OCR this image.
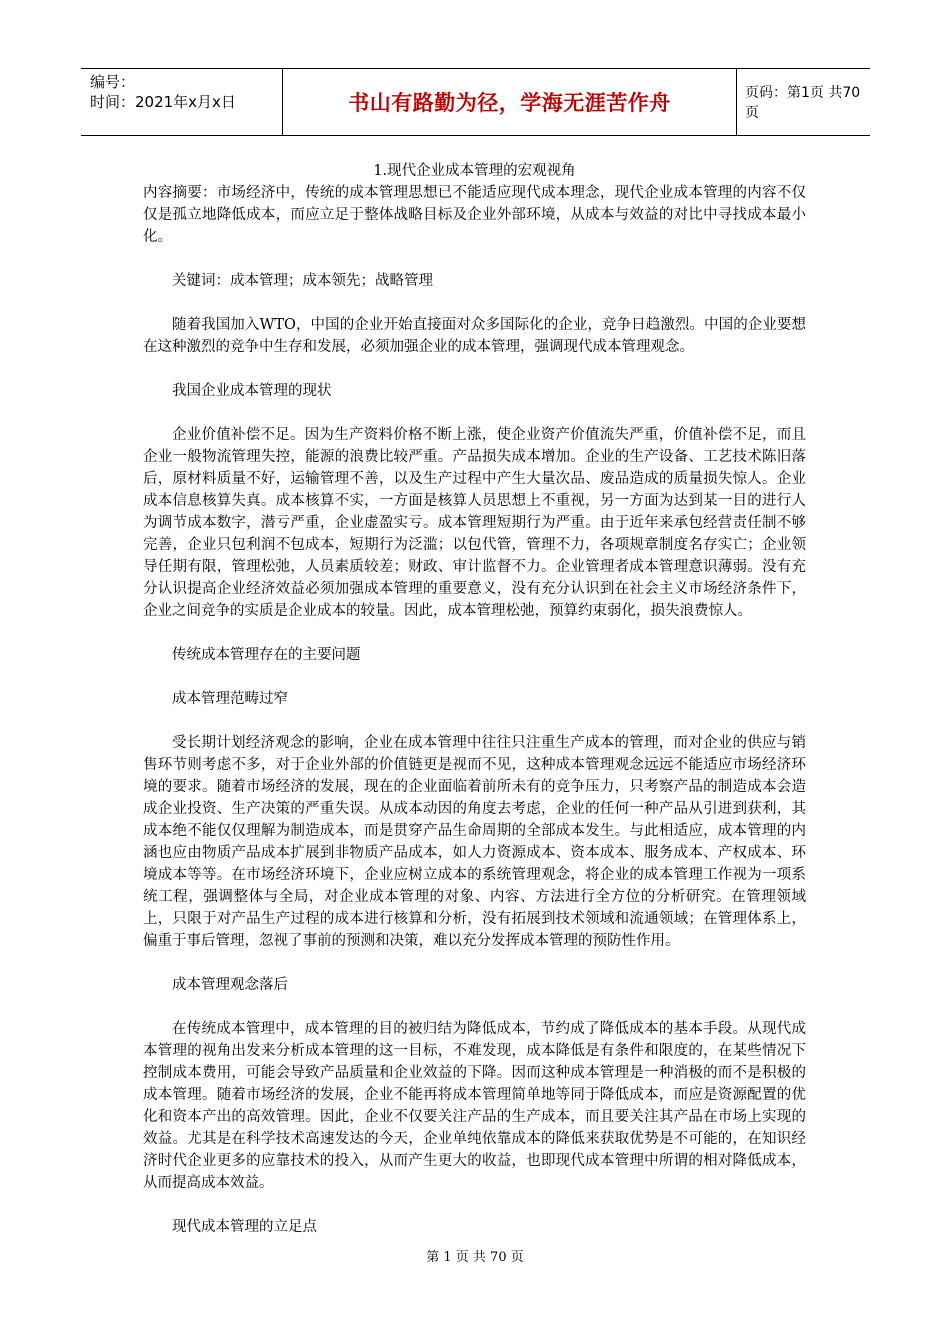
编号：
时间：2021年x月x日	书山有路勤为径，学海无涯苦作舟	页码：第1页 共70页

1.现代企业成本管理的宏观视角

内容摘要：市场经济中，传统的成本管理思想已不能适应现代成本理念，现代企业成本管理的内容不仅仅是孤立地降低成本，而应立足于整体战略目标及企业外部环境，从成本与效益的对比中寻找成本最小化。

关键词：成本管理；成本领先；战略管理

随着我国加入WTO，中国的企业开始直接面对众多国际化的企业，竞争日趋激烈。中国的企业要想在这种激烈的竞争中生存和发展，必须加强企业的成本管理，强调现代成本管理观念。

我国企业成本管理的现状

企业价值补偿不足。因为生产资料价格不断上涨，使企业资产价值流失严重，价值补偿不足，而且企业一般物流管理失控，能源的浪费比较严重。产品损失成本增加。企业的生产设备、工艺技术陈旧落后，原材料质量不好，运输管理不善，以及生产过程中产生大量次品、废品造成的质量损失惊人。企业成本信息核算失真。成本核算不实，一方面是核算人员思想上不重视，另一方面为达到某一目的进行人为调节成本数字，潜亏严重，企业虚盈实亏。成本管理短期行为严重。由于近年来承包经营责任制不够完善，企业只包利润不包成本，短期行为泛滥；以包代管，管理不力，各项规章制度名存实亡；企业领导任期有限，管理松弛，人员素质较差；财政、审计监督不力。企业管理者成本管理意识薄弱。没有充分认识提高企业经济效益必须加强成本管理的重要意义，没有充分认识到在社会主义市场经济条件下，企业之间竞争的实质是企业成本的较量。因此，成本管理松弛，预算约束弱化，损失浪费惊人。

传统成本管理存在的主要问题

成本管理范畴过窄

受长期计划经济观念的影响，企业在成本管理中往往只注重生产成本的管理，而对企业的供应与销售环节则考虑不多，对于企业外部的价值链更是视而不见，这种成本管理观念远远不能适应市场经济环境的要求。随着市场经济的发展，现在的企业面临着前所未有的竞争压力，只考察产品的制造成本会造成企业投资、生产决策的严重失误。从成本动因的角度去考虑，企业的任何一种产品从引进到获利，其成本绝不能仅仅理解为制造成本，而是贯穿产品生命周期的全部成本发生。与此相适应，成本管理的内涵也应由物质产品成本扩展到非物质产品成本，如人力资源成本、资本成本、服务成本、产权成本、环境成本等等。在市场经济环境下，企业应树立成本的系统管理观念，将企业的成本管理工作视为一项系统工程，强调整体与全局，对企业成本管理的对象、内容、方法进行全方位的分析研究。在管理领域上，只限于对产品生产过程的成本进行核算和分析，没有拓展到技术领域和流通领域；在管理体系上，偏重于事后管理，忽视了事前的预测和决策，难以充分发挥成本管理的预防性作用。

成本管理观念落后

在传统成本管理中，成本管理的目的被归结为降低成本，节约成了降低成本的基本手段。从现代成本管理的视角出发来分析成本管理的这一目标，不难发现，成本降低是有条件和限度的，在某些情况下控制成本费用，可能会导致产品质量和企业效益的下降。因而这种成本管理是一种消极的而不是积极的成本管理。随着市场经济的发展，企业不能再将成本管理简单地等同于降低成本，而应是资源配置的优化和资本产出的高效管理。因此，企业不仅要关注产品的生产成本，而且要关注其产品在市场上实现的效益。尤其是在科学技术高速发达的今天，企业单纯依靠成本的降低来获取优势是不可能的，在知识经济时代企业更多的应靠技术的投入，从而产生更大的收益，也即现代成本管理中所谓的相对降低成本，从而提高成本效益。

现代成本管理的立足点

第 1 页 共 70 页
